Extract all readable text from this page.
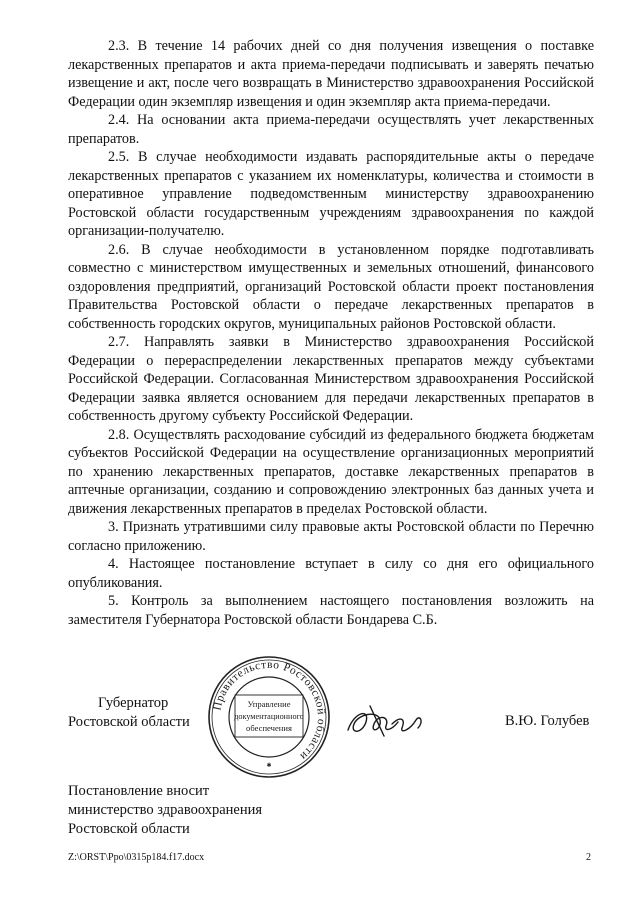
2.3. В течение 14 рабочих дней со дня получения извещения о поставке лекарственных препаратов и акта приема-передачи подписывать и заверять печатью извещение и акт, после чего возвращать в Министерство здравоохранения Российской Федерации один экземпляр извещения и один экземпляр акта приема-передачи.

2.4. На основании акта приема-передачи осуществлять учет лекарственных препаратов.

2.5. В случае необходимости издавать распорядительные акты о передаче лекарственных препаратов с указанием их номенклатуры, количества и стоимости в оперативное управление подведомственным министерству здравоохранению Ростовской области государственным учреждениям здравоохранения по каждой организации-получателю.

2.6. В случае необходимости в установленном порядке подготавливать совместно с министерством имущественных и земельных отношений, финансового оздоровления предприятий, организаций Ростовской области проект постановления Правительства Ростовской области о передаче лекарственных препаратов в собственность городских округов, муниципальных районов Ростовской области.

2.7. Направлять заявки в Министерство здравоохранения Российской Федерации о перераспределении лекарственных препаратов между субъектами Российской Федерации. Согласованная Министерством здравоохранения Российской Федерации заявка является основанием для передачи лекарственных препаратов в собственность другому субъекту Российской Федерации.

2.8. Осуществлять расходование субсидий из федерального бюджета бюджетам субъектов Российской Федерации на осуществление организационных мероприятий по хранению лекарственных препаратов, доставке лекарственных препаратов в аптечные организации, созданию и сопровождению электронных баз данных учета и движения лекарственных препаратов в пределах Ростовской области.

3. Признать утратившими силу правовые акты Ростовской области по Перечню согласно приложению.

4. Настоящее постановление вступает в силу со дня его официального опубликования.

5. Контроль за выполнением настоящего постановления возложить на заместителя Губернатора Ростовской области Бондарева С.Б.

Губернатор
Ростовской области
Правительство Ростовской области
Управление
документационного
обеспечения
✱
В.Ю. Голубев
Постановление вносит
министерство здравоохранения
Ростовской области
Z:\ORST\Ppo\0315p184.f17.docx	2
